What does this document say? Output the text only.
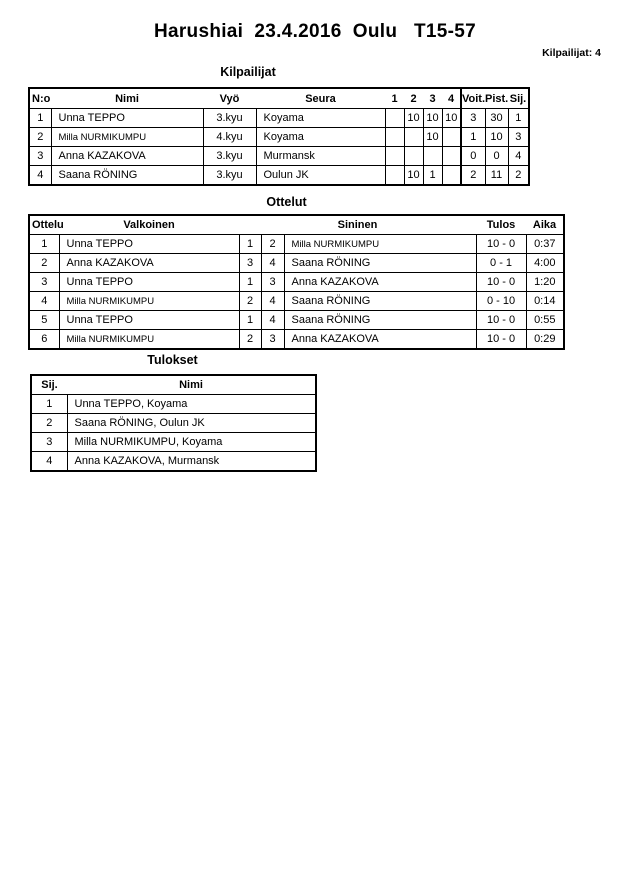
Harushiai  23.4.2016  Oulu   T15-57
Kilpailijat: 4
Kilpailijat
N:o	Nimi	Vyö	Seura	1	2	3	4	Voit.	Pist.	Sij.
1	Unna TEPPO	3.kyu	Koyama		10	10	10	3	30	1
2	Milla NURMIKUMPU	4.kyu	Koyama			10		1	10	3
3	Anna KAZAKOVA	3.kyu	Murmansk					0	0	4
4	Saana RÖNING	3.kyu	Oulun JK		10	1		2	11	2
Ottelut
Ottelu	Valkoinen	Sininen			Tulos	Aika
1	Unna TEPPO	1	2	Milla NURMIKUMPU	10 - 0	0:37
2	Anna KAZAKOVA	3	4	Saana RÖNING	0 - 1	4:00
3	Unna TEPPO	1	3	Anna KAZAKOVA	10 - 0	1:20
4	Milla NURMIKUMPU	2	4	Saana RÖNING	0 - 10	0:14
5	Unna TEPPO	1	4	Saana RÖNING	10 - 0	0:55
6	Milla NURMIKUMPU	2	3	Anna KAZAKOVA	10 - 0	0:29
Tulokset
Sij.	Nimi
1	Unna TEPPO, Koyama
2	Saana RÖNING, Oulun JK
3	Milla NURMIKUMPU, Koyama
4	Anna KAZAKOVA, Murmansk
